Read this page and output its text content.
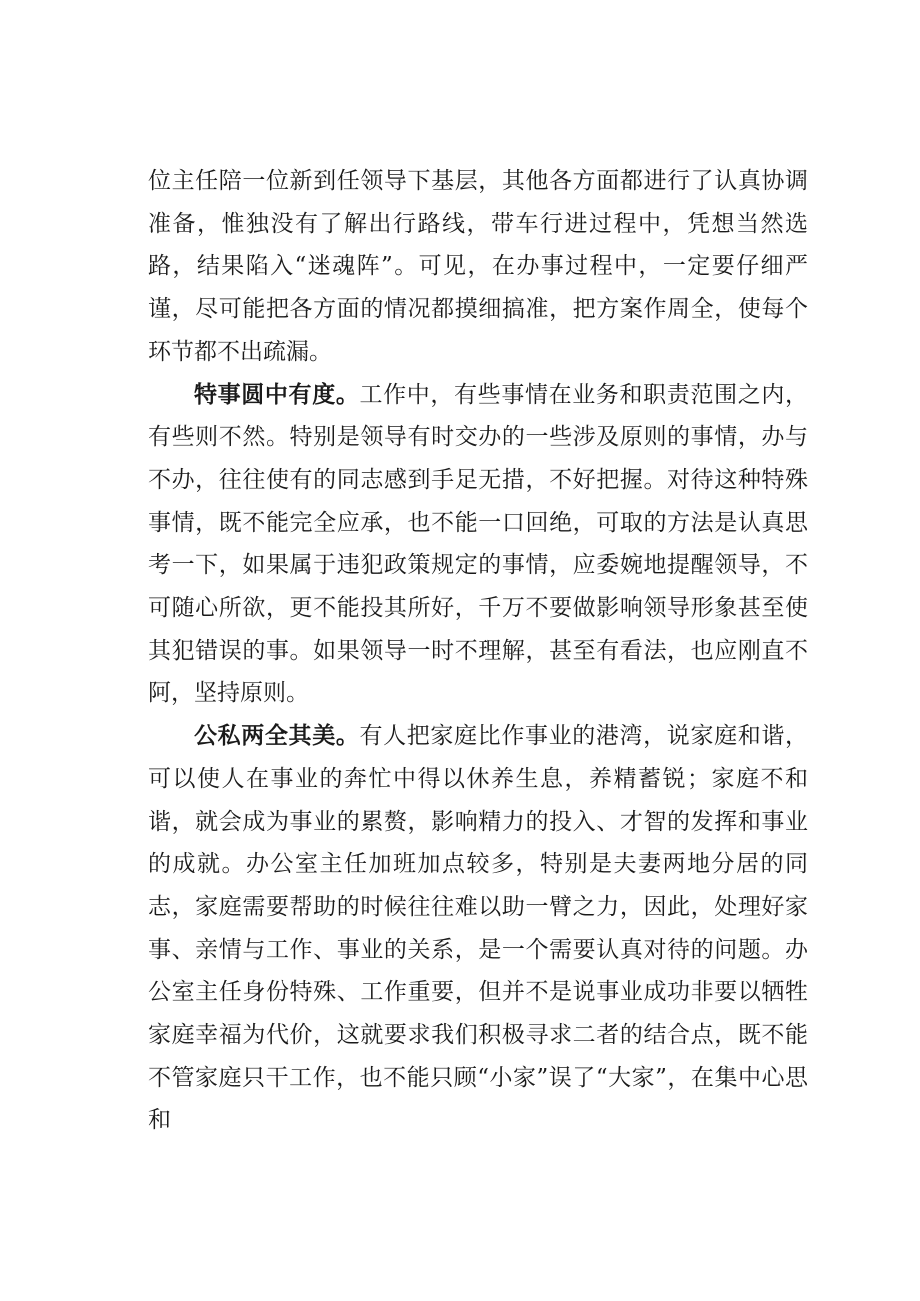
位主任陪一位新到任领导下基层，其他各方面都进行了认真协调准备，惟独没有了解出行路线，带车行进过程中，凭想当然选路，结果陷入“迷魂阵”。可见，在办事过程中，一定要仔细严谨，尽可能把各方面的情况都摸细搞准，把方案作周全，使每个环节都不出疏漏。

特事圆中有度。工作中，有些事情在业务和职责范围之内，有些则不然。特别是领导有时交办的一些涉及原则的事情，办与不办，往往使有的同志感到手足无措，不好把握。对待这种特殊事情，既不能完全应承，也不能一口回绝，可取的方法是认真思考一下，如果属于违犯政策规定的事情，应委婉地提醒领导，不可随心所欲，更不能投其所好，千万不要做影响领导形象甚至使其犯错误的事。如果领导一时不理解，甚至有看法，也应刚直不阿，坚持原则。

公私两全其美。有人把家庭比作事业的港湾，说家庭和谐，可以使人在事业的奔忙中得以休养生息，养精蓄锐；家庭不和谐，就会成为事业的累赘，影响精力的投入、才智的发挥和事业的成就。办公室主任加班加点较多，特别是夫妻两地分居的同志，家庭需要帮助的时候往往难以助一臂之力，因此，处理好家事、亲情与工作、事业的关系，是一个需要认真对待的问题。办公室主任身份特殊、工作重要，但并不是说事业成功非要以牺牲家庭幸福为代价，这就要求我们积极寻求二者的结合点，既不能不管家庭只干工作，也不能只顾“小家”误了“大家”，在集中心思和
